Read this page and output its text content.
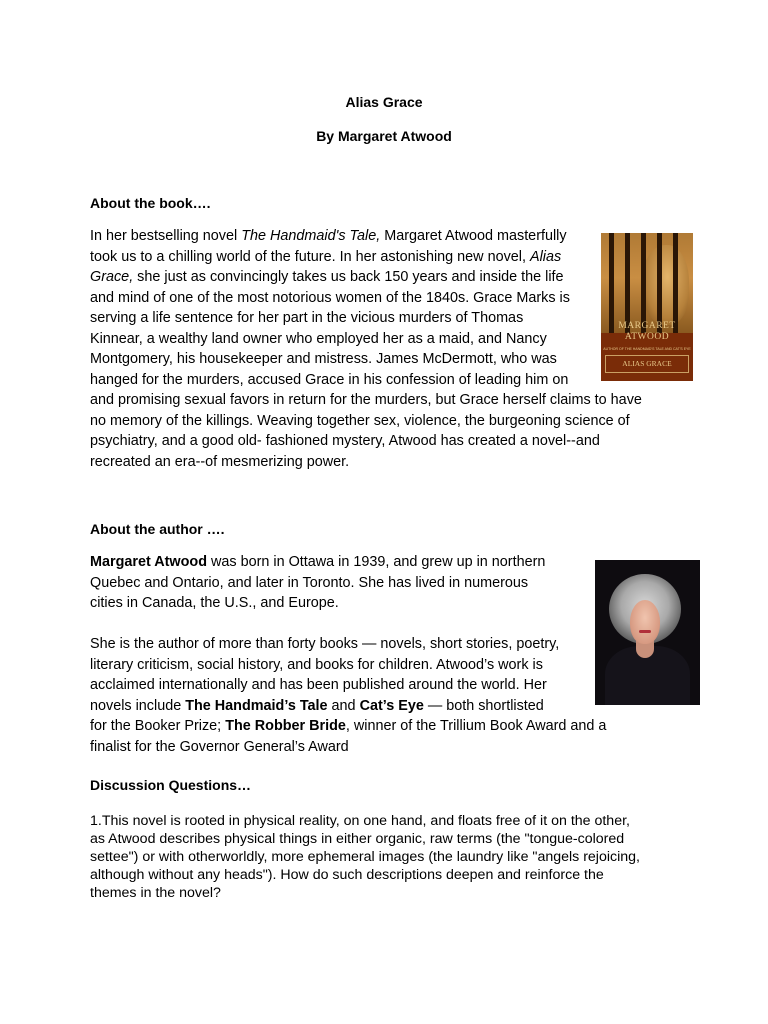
Alias Grace
By Margaret Atwood
About the book….
In her bestselling novel The Handmaid's Tale, Margaret Atwood masterfully
took us to a chilling world of the future. In her astonishing new novel, Alias
Grace, she just as convincingly takes us back 150 years and inside the life
and mind of one of the most notorious women of the 1840s. Grace Marks is
serving a life sentence for her part in the vicious murders of Thomas
Kinnear, a wealthy land owner who employed her as a maid, and Nancy
Montgomery, his housekeeper and mistress. James McDermott, who was
hanged for the murders, accused Grace in his confession of leading him on
and promising sexual favors in return for the murders, but Grace herself claims to have
no memory of the killings. Weaving together sex, violence, the burgeoning science of
psychiatry, and a good old- fashioned mystery, Atwood has created a novel--and
recreated an era--of mesmerizing power.
MARGARET
ATWOOD
AUTHOR OF THE HANDMAID'S TALE AND CAT'S EYE
ALIAS GRACE
About the author ….
Margaret Atwood was born in Ottawa in 1939, and grew up in northern
Quebec and Ontario, and later in Toronto. She has lived in numerous
cities in Canada, the U.S., and Europe.
She is the author of more than forty books — novels, short stories, poetry,
literary criticism, social history, and books for children. Atwood’s work is
acclaimed internationally and has been published around the world. Her
novels include The Handmaid’s Tale and Cat’s Eye — both shortlisted
for the Booker Prize; The Robber Bride, winner of the Trillium Book Award and a
finalist for the Governor General’s Award
Discussion Questions…
1.This novel is rooted in physical reality, on one hand, and floats free of it on the other,
as Atwood describes physical things in either organic, raw terms (the "tongue-colored
settee") or with otherworldly, more ephemeral images (the laundry like "angels rejoicing,
although without any heads"). How do such descriptions deepen and reinforce the
themes in the novel?
